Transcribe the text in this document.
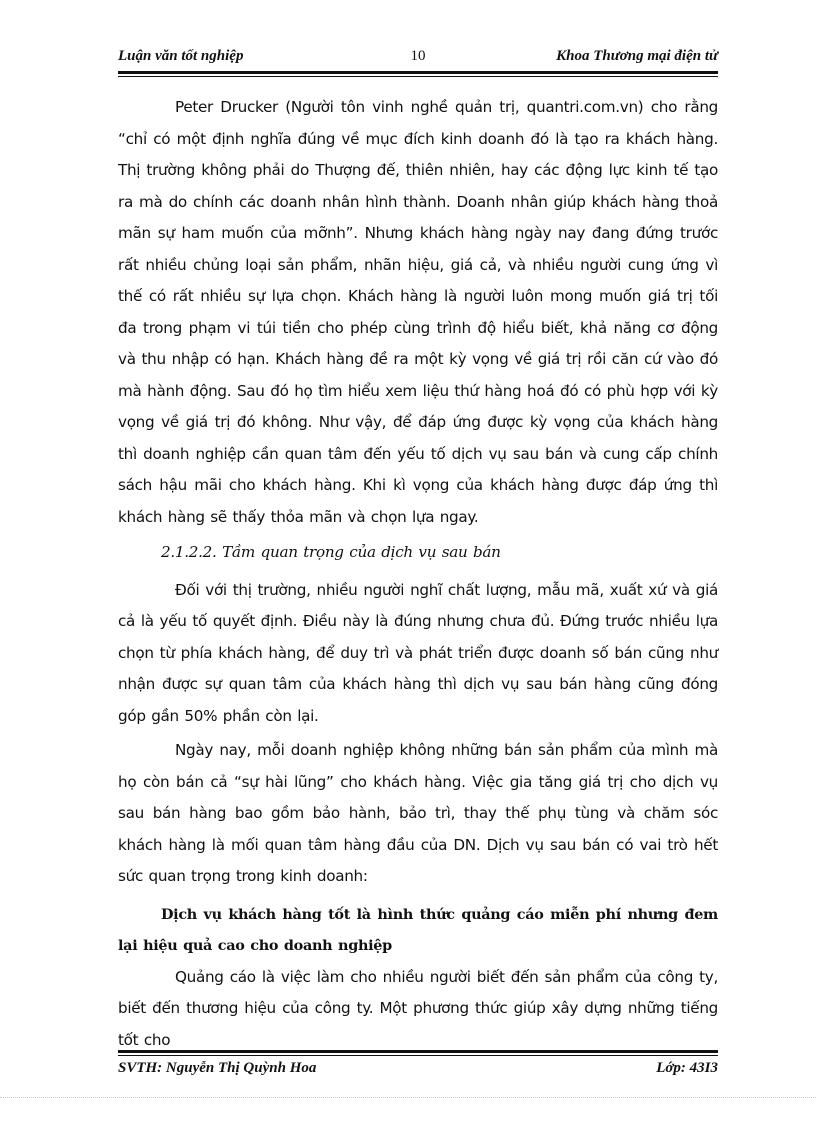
Luận văn tốt nghiệp	10	Khoa Thương mại điện tử

Peter Drucker (Người tôn vinh nghề quản trị, quantri.com.vn) cho rằng “chỉ có một định nghĩa đúng về mục đích kinh doanh đó là tạo ra khách hàng. Thị trường không phải do Thượng đế, thiên nhiên, hay các động lực kinh tế tạo ra mà do chính các doanh nhân hình thành. Doanh nhân giúp khách hàng thoả mãn sự ham muốn của mỡnh”. Nhưng khách hàng ngày nay đang đứng trước rất nhiều chủng loại sản phẩm, nhãn hiệu, giá cả, và nhiều người cung ứng vì thế có rất nhiều sự lựa chọn. Khách hàng là người luôn mong muốn giá trị tối đa trong phạm vi túi tiền cho phép cùng trình độ hiểu biết, khả năng cơ động và thu nhập có hạn. Khách hàng đề ra một kỳ vọng về giá trị rồi căn cứ vào đó mà hành động. Sau đó họ tìm hiểu xem liệu thứ hàng hoá đó có phù hợp với kỳ vọng về giá trị đó không. Như vậy, để đáp ứng được kỳ vọng của khách hàng thì doanh nghiệp cần quan tâm đến yếu tố dịch vụ sau bán và cung cấp chính sách hậu mãi cho khách hàng. Khi kì vọng của khách hàng được đáp ứng thì khách hàng sẽ thấy thỏa mãn và chọn lựa ngay.

2.1.2.2. Tầm quan trọng của dịch vụ sau bán

Đối với thị trường, nhiều người nghĩ chất lượng, mẫu mã, xuất xứ và giá cả là yếu tố quyết định. Điều này là đúng nhưng chưa đủ. Đứng trước nhiều lựa chọn từ phía khách hàng, để duy trì và phát triển được doanh số bán cũng như nhận được sự quan tâm của khách hàng thì dịch vụ sau bán hàng cũng đóng góp gần 50% phần còn lại.

Ngày nay, mỗi doanh nghiệp không những bán sản phẩm của mình mà họ còn bán cả “sự hài lũng” cho khách hàng. Việc gia tăng giá trị cho dịch vụ sau bán hàng bao gồm bảo hành, bảo trì, thay thế phụ tùng và chăm sóc khách hàng là mối quan tâm hàng đầu của DN. Dịch vụ sau bán có vai trò hết sức quan trọng trong kinh doanh:

Dịch vụ khách hàng tốt là hình thức quảng cáo miễn phí nhưng đem lại hiệu quả cao cho doanh nghiệp

Quảng cáo là việc làm cho nhiều người biết đến sản phẩm của công ty, biết đến thương hiệu của công ty. Một phương thức giúp xây dựng những tiếng tốt cho

SVTH: Nguyễn Thị Quỳnh Hoa	Lớp: 43I3
